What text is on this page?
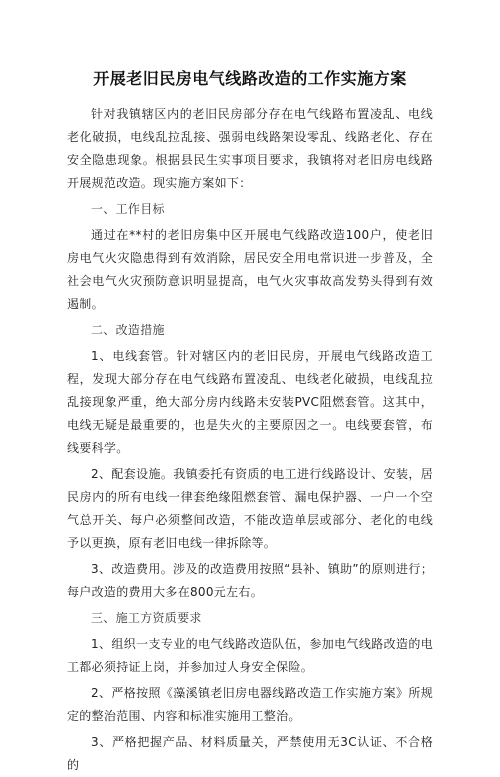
开展老旧民房电气线路改造的工作实施方案

针对我镇辖区内的老旧民房部分存在电气线路布置凌乱、电线老化破损，电线乱拉乱接、强弱电线路架设零乱、线路老化、存在安全隐患现象。根据县民生实事项目要求，我镇将对老旧房电线路开展规范改造。现实施方案如下：

一、工作目标

通过在**村的老旧房集中区开展电气线路改造100户，使老旧房电气火灾隐患得到有效消除，居民安全用电常识进一步普及，全社会电气火灾预防意识明显提高，电气火灾事故高发势头得到有效遏制。

二、改造措施

1、电线套管。针对辖区内的老旧民房，开展电气线路改造工程，发现大部分存在电气线路布置凌乱、电线老化破损，电线乱拉乱接现象严重，绝大部分房内线路未安装PVC阻燃套管。这其中，电线无疑是最重要的，也是失火的主要原因之一。电线要套管，布线要科学。

2、配套设施。我镇委托有资质的电工进行线路设计、安装，居民房内的所有电线一律套绝缘阻燃套管、漏电保护器、一户一个空气总开关、每户必须整间改造，不能改造单层或部分、老化的电线予以更换，原有老旧电线一律拆除等。

3、改造费用。涉及的改造费用按照“县补、镇助”的原则进行；每户改造的费用大多在800元左右。

三、施工方资质要求

1、组织一支专业的电气线路改造队伍，参加电气线路改造的电工都必须持证上岗，并参加过人身安全保险。

2、严格按照《藻溪镇老旧房电器线路改造工作实施方案》所规定的整治范围、内容和标准实施用工整治。

3、严格把握产品、材料质量关，严禁使用无3C认证、不合格的
